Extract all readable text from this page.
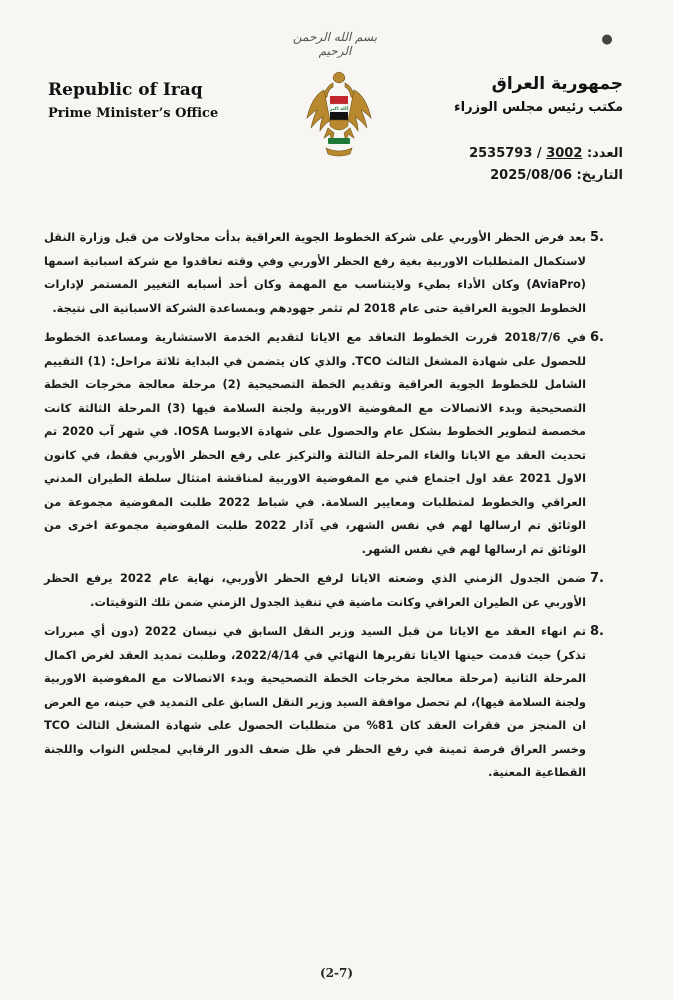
بسم الله الرحمن الرحيم
●
Republic of Iraq
Prime Minister’s Office	الله اكبر
جمهورية العراق
مكتب رئيس مجلس الوزراء
العدد: 2535793 / 3002
التاريخ: 2025/08/06
5.
بعد فرض الحظر الأوربي على شركة الخطوط الجوية العراقية بدأت محاولات من قبل وزارة النقل لاستكمال المتطلبات الاوربية بغية رفع الحظر الأوربي وفي وقته تعاقدوا مع شركة اسبانية اسمها (AviaPro) وكان الأداء بطيء ولايتناسب مع المهمة وكان أحد أسبابه التغيير المستمر لإدارات الخطوط الجوية العراقية حتى عام 2018 لم تثمر جهودهم وبمساعدة الشركة الاسبانية الى نتيجة.
6.
في 2018/7/6 قررت الخطوط التعاقد مع الاياتا لتقديم الخدمة الاستشارية ومساعدة الخطوط للحصول على شهادة المشغل الثالث TCO. والذي كان يتضمن في البداية ثلاثة مراحل: (1) التقييم الشامل للخطوط الجوية العراقية وتقديم الخطة التصحيحية (2) مرحلة معالجة مخرجات الخطة التصحيحية وبدء الاتصالات مع المفوضية الاوربية ولجنة السلامة فيها (3) المرحلة الثالثة كانت مخصصة لتطوير الخطوط بشكل عام والحصول على شهادة الايوسا IOSA. في شهر آب 2020 تم تحديث العقد مع الاياتا والغاء المرحلة الثالثة والتركيز على رفع الحظر الأوربي فقط، في كانون الاول 2021 عقد اول اجتماع فني مع المفوضية الاوربية لمناقشة امتثال سلطة الطيران المدني العراقي والخطوط لمتطلبات ومعايير السلامة. في شباط 2022 طلبت المفوضية مجموعة من الوثائق تم ارسالها لهم في نفس الشهر، في آذار 2022 طلبت المفوضية مجموعة اخرى من الوثائق تم ارسالها لهم في نفس الشهر.
7.
ضمن الجدول الزمني الذي وضعته الاياتا لرفع الحظر الأوربي، نهاية عام 2022 يرفع الحظر الأوربي عن الطيران العراقي وكانت ماضية في تنفيذ الجدول الزمني ضمن تلك التوقيتات.
8.
تم انهاء العقد مع الاياتا من قبل السيد وزير النقل السابق في نيسان 2022 (دون أي مبررات تذكر) حيث قدمت حينها الاياتا تقريرها النهائي في 2022/4/14، وطلبت تمديد العقد لغرض اكمال المرحلة الثانية (مرحلة معالجة مخرجات الخطة التصحيحية وبدء الاتصالات مع المفوضية الاوربية ولجنة السلامة فيها)، لم تحصل موافقة السيد وزير النقل السابق على التمديد في حينه، مع العرض ان المنجز من فقرات العقد كان 81% من متطلبات الحصول على شهادة المشغل الثالث TCO وخسر العراق فرصة ثمينة في رفع الحظر في ظل ضعف الدور الرقابي لمجلس النواب واللجنة القطاعية المعنية.
(2-7)
